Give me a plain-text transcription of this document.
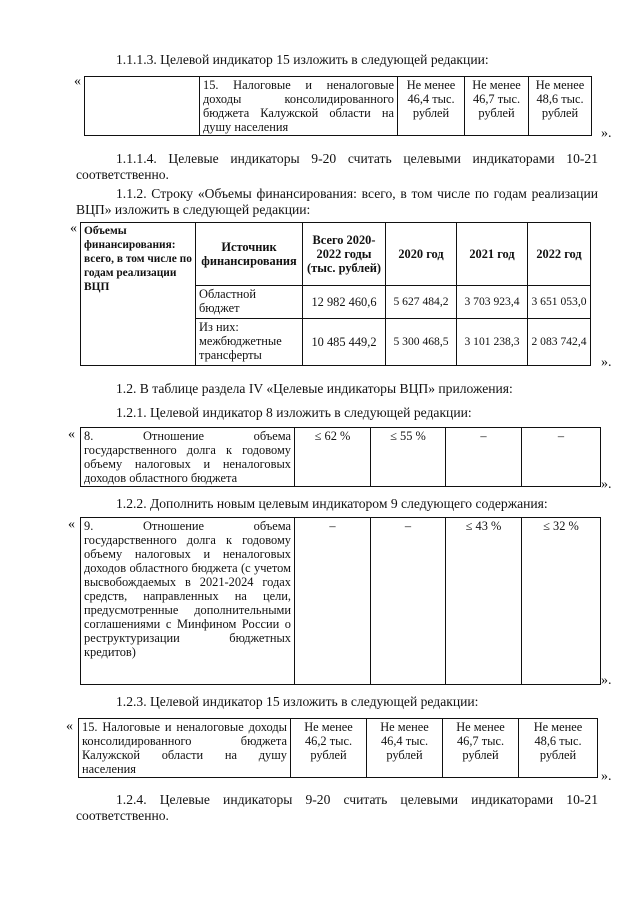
1.1.1.3. Целевой индикатор 15 изложить в следующей редакции:
«
		15. Налоговые и неналоговые доходы консолидированного бюджета Калужской области на душу населения	Не менее 46,4 тыс. рублей	Не менее 46,7 тыс. рублей	Не менее 48,6 тыс. рублей
».
1.1.1.4. Целевые индикаторы 9-20 считать целевыми индикаторами 10-21 соответственно.
1.1.2. Строку «Объемы финансирования: всего, в том числе по годам реализации ВЦП» изложить в следующей редакции:
« Объемы финансирования: всего, в том числе по годам реализации ВЦП	Источник финансирования	Всего 2020-2022 годы (тыс. рублей)	2020 год	2021 год	2022 год
	Областной бюджет	12 982 460,6	5 627 484,2	3 703 923,4	3 651 053,0
	Из них: межбюджетные трансферты	10 485 449,2	5 300 468,5	3 101 238,3	2 083 742,4
».
1.2. В таблице раздела IV «Целевые индикаторы ВЦП» приложения:
1.2.1. Целевой индикатор 8 изложить в следующей редакции:
« 8. Отношение объема государственного долга к годовому объему налоговых и неналоговых доходов областного бюджета	≤ 62 %	≤ 55 %	–	–
».
1.2.2. Дополнить новым целевым индикатором 9 следующего содержания:
« 9. Отношение объема государственного долга к годовому объему налоговых и неналоговых доходов областного бюджета (с учетом высвобождаемых в 2021-2024 годах средств, направленных на цели, предусмотренные дополнительными соглашениями с Минфином России о реструктуризации бюджетных кредитов)	–	–	≤ 43 %	≤ 32 %
».
1.2.3. Целевой индикатор 15 изложить в следующей редакции:
« 15. Налоговые и неналоговые доходы консолидированного бюджета Калужской области на душу населения	Не менее 46,2 тыс. рублей	Не менее 46,4 тыс. рублей	Не менее 46,7 тыс. рублей	Не менее 48,6 тыс. рублей
».
1.2.4. Целевые индикаторы 9-20 считать целевыми индикаторами 10-21 соответственно.
